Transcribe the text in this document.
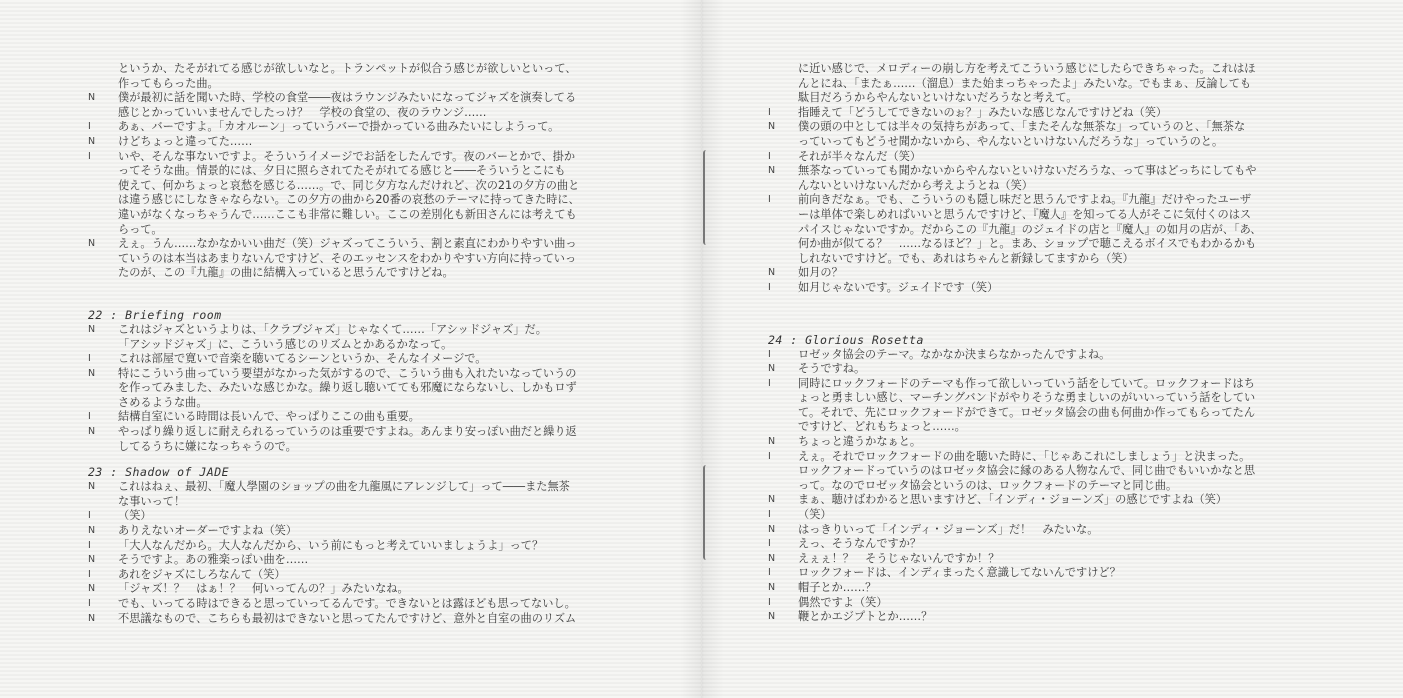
というか、たそがれてる感じが欲しいなと。トランペットが似合う感じが欲しいといって、
作ってもらった曲。
N	僕が最初に話を聞いた時、学校の食堂――夜はラウンジみたいになってジャズを演奏してる
感じとかっていいませんでしたっけ？　学校の食堂の、夜のラウンジ……
I	あぁ、バーですよ。「カオルーン」っていうバーで掛かっている曲みたいにしようって。
N	けどちょっと違ってた……
I	いや、そんな事ないですよ。そういうイメージでお話をしたんです。夜のバーとかで、掛か
ってそうな曲。情景的には、夕日に照らされてたそがれてる感じと――そういうとこにも
使えて、何かちょっと哀愁を感じる……。で、同じ夕方なんだけれど、次の21の夕方の曲と
は違う感じにしなきゃならない。この夕方の曲から20番の哀愁のテーマに持ってきた時に、
違いがなくなっちゃうんで……ここも非常に難しい。ここの差別化も新田さんには考えても
らって。
N	えぇ。うん……なかなかいい曲だ（笑）ジャズってこういう、割と素直にわかりやすい曲っ
ていうのは本当はあまりないんですけど、そのエッセンスをわかりやすい方向に持っていっ
たのが、この『九龍』の曲に結構入っていると思うんですけどね。
22 : Briefing room
N	これはジャズというよりは、「クラブジャズ」じゃなくて……「アシッドジャズ」だ。
「アシッドジャズ」に、こういう感じのリズムとかあるかなって。
I	これは部屋で寛いで音楽を聴いてるシーンというか、そんなイメージで。
N	特にこういう曲っていう要望がなかった気がするので、こういう曲も入れたいなっていうの
を作ってみました、みたいな感じかな。繰り返し聴いてても邪魔にならないし、しかもロず
さめるような曲。
I	結構自室にいる時間は長いんで、やっぱりここの曲も重要。
N	やっぱり繰り返しに耐えられるっていうのは重要ですよね。あんまり安っぽい曲だと繰り返
してるうちに嫌になっちゃうので。
23 : Shadow of JADE
N	これはねぇ、最初、「魔人學園のショップの曲を九龍風にアレンジして」って――また無茶
な事いって！
I	（笑）
N	ありえないオーダーですよね（笑）
I	「大人なんだから。大人なんだから、いう前にもっと考えていいましょうよ」って？
N	そうですよ。あの雅楽っぽい曲を……
I	あれをジャズにしろなんて（笑）
N	「ジャズ！？　はぁ！？　何いってんの？」みたいなね。
I	でも、いってる時はできると思っていってるんです。できないとは露ほども思ってないし。
N	不思議なもので、こちらも最初はできないと思ってたんですけど、意外と自室の曲のリズム
に近い感じで、メロディーの崩し方を考えてこういう感じにしたらできちゃった。これはほ
んとにね、「またぁ……（溜息）また始まっちゃったよ」みたいな。でもまぁ、反論しても
駄目だろうからやんないといけないだろうなと考えて。
I	指睡えて「どうしてできないのぉ？」みたいな感じなんですけどね（笑）
N	僕の頭の中としては半々の気持ちがあって、「またそんな無茶な」っていうのと、「無茶な
っていってもどうせ聞かないから、やんないといけないんだろうな」っていうのと。
I	それが半々なんだ（笑）
N	無茶なっていっても聞かないからやんないといけないだろうな、って事はどっちにしてもや
んないといけないんだから考えようとね（笑）
I	前向きだなぁ。でも、こういうのも隠し味だと思うんですよね。『九龍』だけやったユーザ
ーは単体で楽しめればいいと思うんですけど、『魔人』を知ってる人がそこに気付くのはス
パイスじゃないですか。だからこの『九龍』のジェイドの店と『魔人』の如月の店が、「あ、
何か曲が似てる？　……なるほど？」と。まあ、ショップで聴こえるボイスでもわかるかも
しれないですけど。でも、あれはちゃんと新録してますから（笑）
N	如月の？
I	如月じゃないです。ジェイドです（笑）
24 : Glorious Rosetta
I	ロゼッタ協会のテーマ。なかなか決まらなかったんですよね。
N	そうですね。
I	同時にロックフォードのテーマも作って欲しいっていう話をしていて。ロックフォードはち
ょっと勇ましい感じ、マーチングバンドがやりそうな勇ましいのがいいっていう話をしてい
て。それで、先にロックフォードができて。ロゼッタ協会の曲も何曲か作ってもらってたん
ですけど、どれもちょっと……。
N	ちょっと違うかなぁと。
I	えぇ。それでロックフォードの曲を聴いた時に、「じゃあこれにしましょう」と決まった。
ロックフォードっていうのはロゼッタ協会に縁のある人物なんで、同じ曲でもいいかなと思
って。なのでロゼッタ協会というのは、ロックフォードのテーマと同じ曲。
N	まぁ、聴けばわかると思いますけど、「インディ・ジョーンズ」の感じですよね（笑）
I	（笑）
N	はっきりいって「インディ・ジョーンズ」だ！　みたいな。
I	えっ、そうなんですか？
N	えぇぇ！？　そうじゃないんですか！？
I	ロックフォードは、インディまったく意識してないんですけど？
N	帽子とか……？
I	偶然ですよ（笑）
N	鞭とかエジプトとか……？
